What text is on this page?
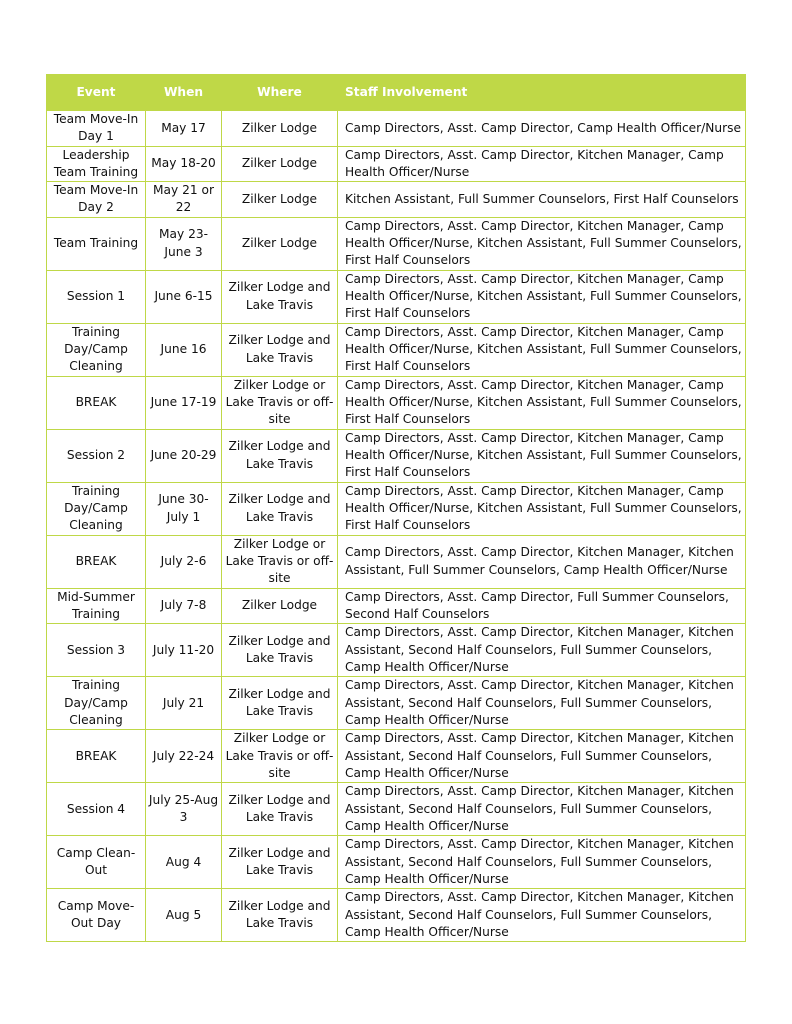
Event	When	Where	Staff Involvement
Team Move-In Day 1	May 17	Zilker Lodge	Camp Directors, Asst. Camp Director, Camp Health Officer/Nurse
Leadership Team Training	May 18-20	Zilker Lodge	Camp Directors, Asst. Camp Director, Kitchen Manager, Camp Health Officer/Nurse
Team Move-In Day 2	May 21 or 22	Zilker Lodge	Kitchen Assistant, Full Summer Counselors, First Half Counselors
Team Training	May 23-June 3	Zilker Lodge	Camp Directors, Asst. Camp Director, Kitchen Manager, Camp Health Officer/Nurse, Kitchen Assistant, Full Summer Counselors, First Half Counselors
Session 1	June 6-15	Zilker Lodge and Lake Travis	Camp Directors, Asst. Camp Director, Kitchen Manager, Camp Health Officer/Nurse, Kitchen Assistant, Full Summer Counselors, First Half Counselors
Training Day/Camp Cleaning	June 16	Zilker Lodge and Lake Travis	Camp Directors, Asst. Camp Director, Kitchen Manager, Camp Health Officer/Nurse, Kitchen Assistant, Full Summer Counselors, First Half Counselors
BREAK	June 17-19	Zilker Lodge or Lake Travis or off-site	Camp Directors, Asst. Camp Director, Kitchen Manager, Camp Health Officer/Nurse, Kitchen Assistant, Full Summer Counselors, First Half Counselors
Session 2	June 20-29	Zilker Lodge and Lake Travis	Camp Directors, Asst. Camp Director, Kitchen Manager, Camp Health Officer/Nurse, Kitchen Assistant, Full Summer Counselors, First Half Counselors
Training Day/Camp Cleaning	June 30-July 1	Zilker Lodge and Lake Travis	Camp Directors, Asst. Camp Director, Kitchen Manager, Camp Health Officer/Nurse, Kitchen Assistant, Full Summer Counselors, First Half Counselors
BREAK	July 2-6	Zilker Lodge or Lake Travis or off-site	Camp Directors, Asst. Camp Director, Kitchen Manager, Kitchen Assistant, Full Summer Counselors, Camp Health Officer/Nurse
Mid-Summer Training	July 7-8	Zilker Lodge	Camp Directors, Asst. Camp Director, Full Summer Counselors, Second Half Counselors
Session 3	July 11-20	Zilker Lodge and Lake Travis	Camp Directors, Asst. Camp Director, Kitchen Manager, Kitchen Assistant, Second Half Counselors, Full Summer Counselors, Camp Health Officer/Nurse
Training Day/Camp Cleaning	July 21	Zilker Lodge and Lake Travis	Camp Directors, Asst. Camp Director, Kitchen Manager, Kitchen Assistant, Second Half Counselors, Full Summer Counselors, Camp Health Officer/Nurse
BREAK	July 22-24	Zilker Lodge or Lake Travis or off-site	Camp Directors, Asst. Camp Director, Kitchen Manager, Kitchen Assistant, Second Half Counselors, Full Summer Counselors, Camp Health Officer/Nurse
Session 4	July 25-Aug 3	Zilker Lodge and Lake Travis	Camp Directors, Asst. Camp Director, Kitchen Manager, Kitchen Assistant, Second Half Counselors, Full Summer Counselors, Camp Health Officer/Nurse
Camp Clean-Out	Aug 4	Zilker Lodge and Lake Travis	Camp Directors, Asst. Camp Director, Kitchen Manager, Kitchen Assistant, Second Half Counselors, Full Summer Counselors, Camp Health Officer/Nurse
Camp Move-Out Day	Aug 5	Zilker Lodge and Lake Travis	Camp Directors, Asst. Camp Director, Kitchen Manager, Kitchen Assistant, Second Half Counselors, Full Summer Counselors, Camp Health Officer/Nurse
